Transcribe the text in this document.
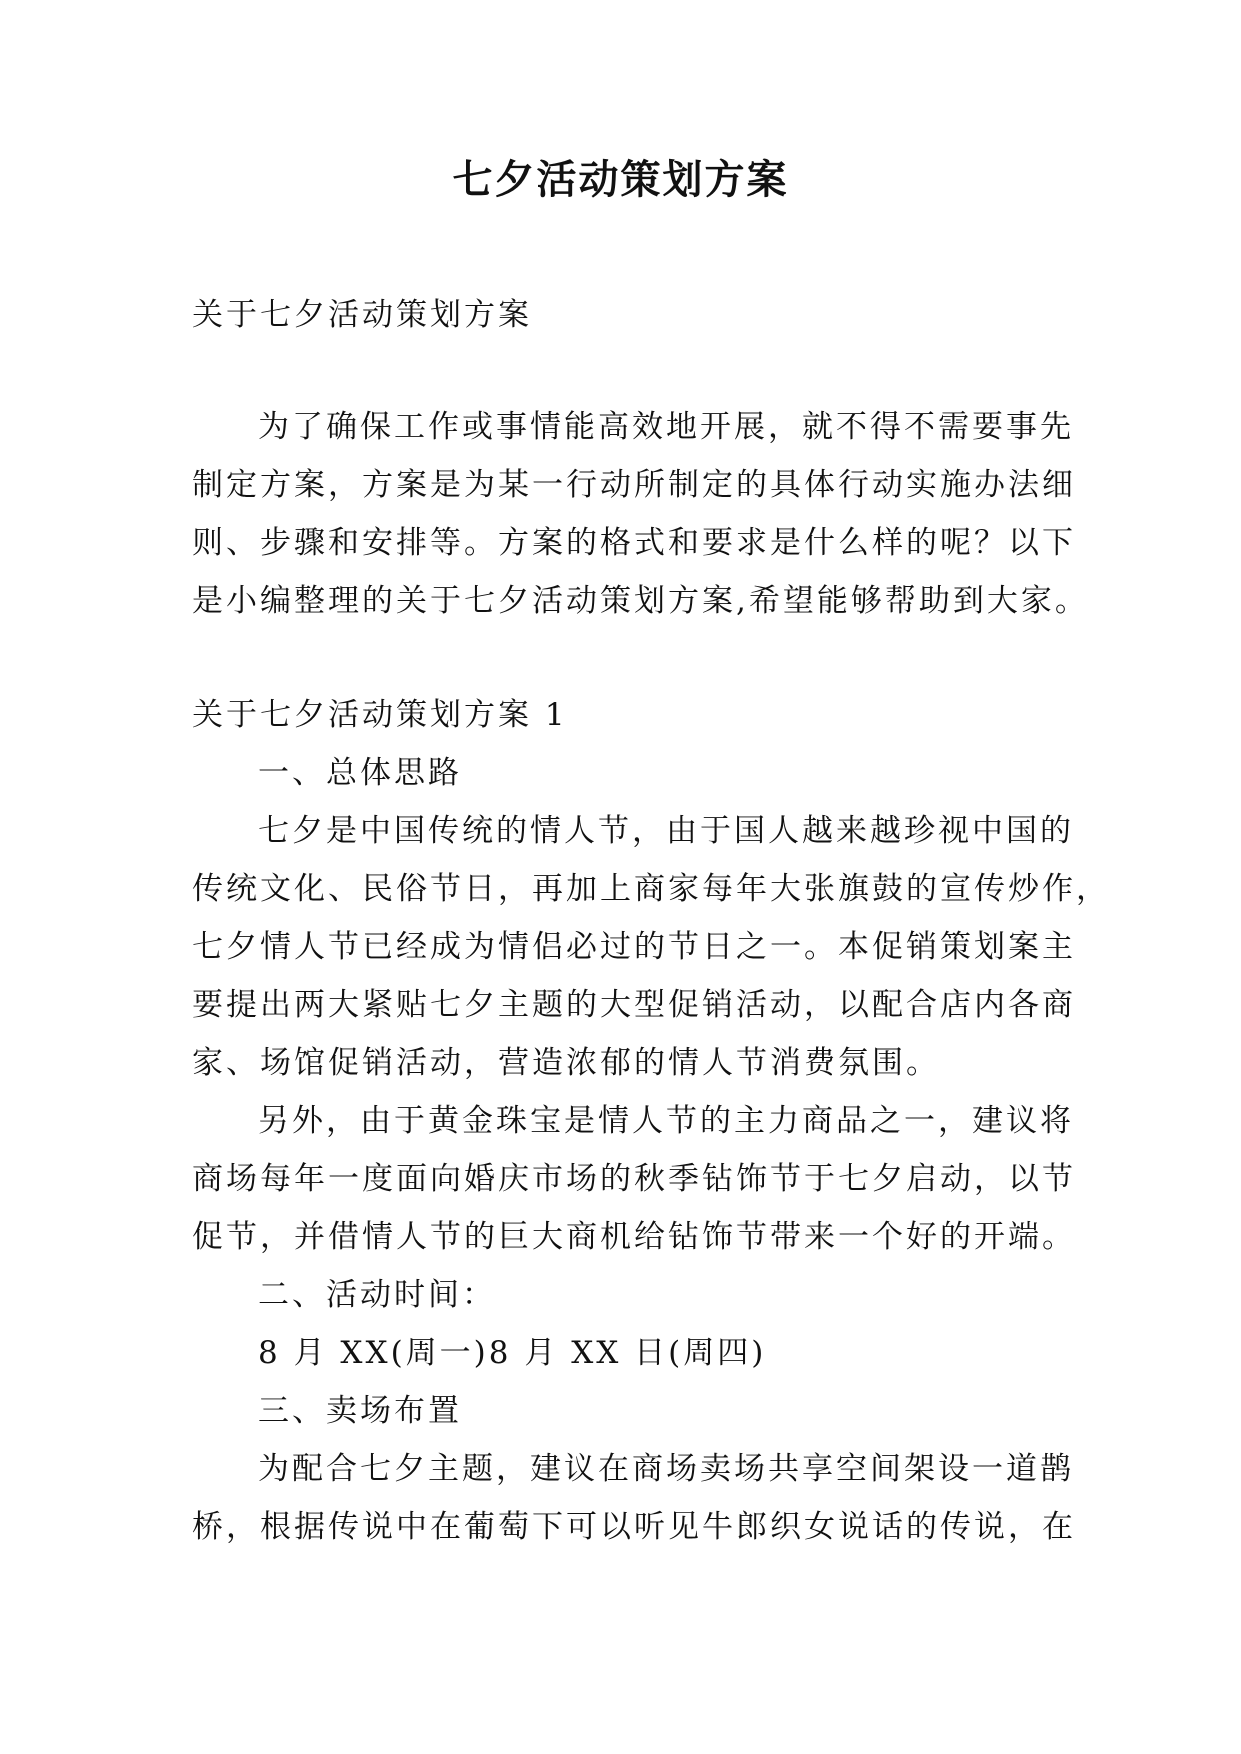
七夕活动策划方案

关于七夕活动策划方案

为了确保工作或事情能高效地开展，就不得不需要事先

制定方案，方案是为某一行动所制定的具体行动实施办法细

则、步骤和安排等。方案的格式和要求是什么样的呢？以下

是小编整理的关于七夕活动策划方案,希望能够帮助到大家。

关于七夕活动策划方案 1

一、总体思路

七夕是中国传统的情人节，由于国人越来越珍视中国的

传统文化、民俗节日，再加上商家每年大张旗鼓的宣传炒作，

七夕情人节已经成为情侣必过的节日之一。本促销策划案主

要提出两大紧贴七夕主题的大型促销活动，以配合店内各商

家、场馆促销活动，营造浓郁的情人节消费氛围。

另外，由于黄金珠宝是情人节的主力商品之一，建议将

商场每年一度面向婚庆市场的秋季钻饰节于七夕启动，以节

促节，并借情人节的巨大商机给钻饰节带来一个好的开端。

二、活动时间：

8 月 XX(周一)8 月 XX 日(周四)

三、卖场布置

为配合七夕主题，建议在商场卖场共享空间架设一道鹊

桥，根据传说中在葡萄下可以听见牛郎织女说话的传说，在
